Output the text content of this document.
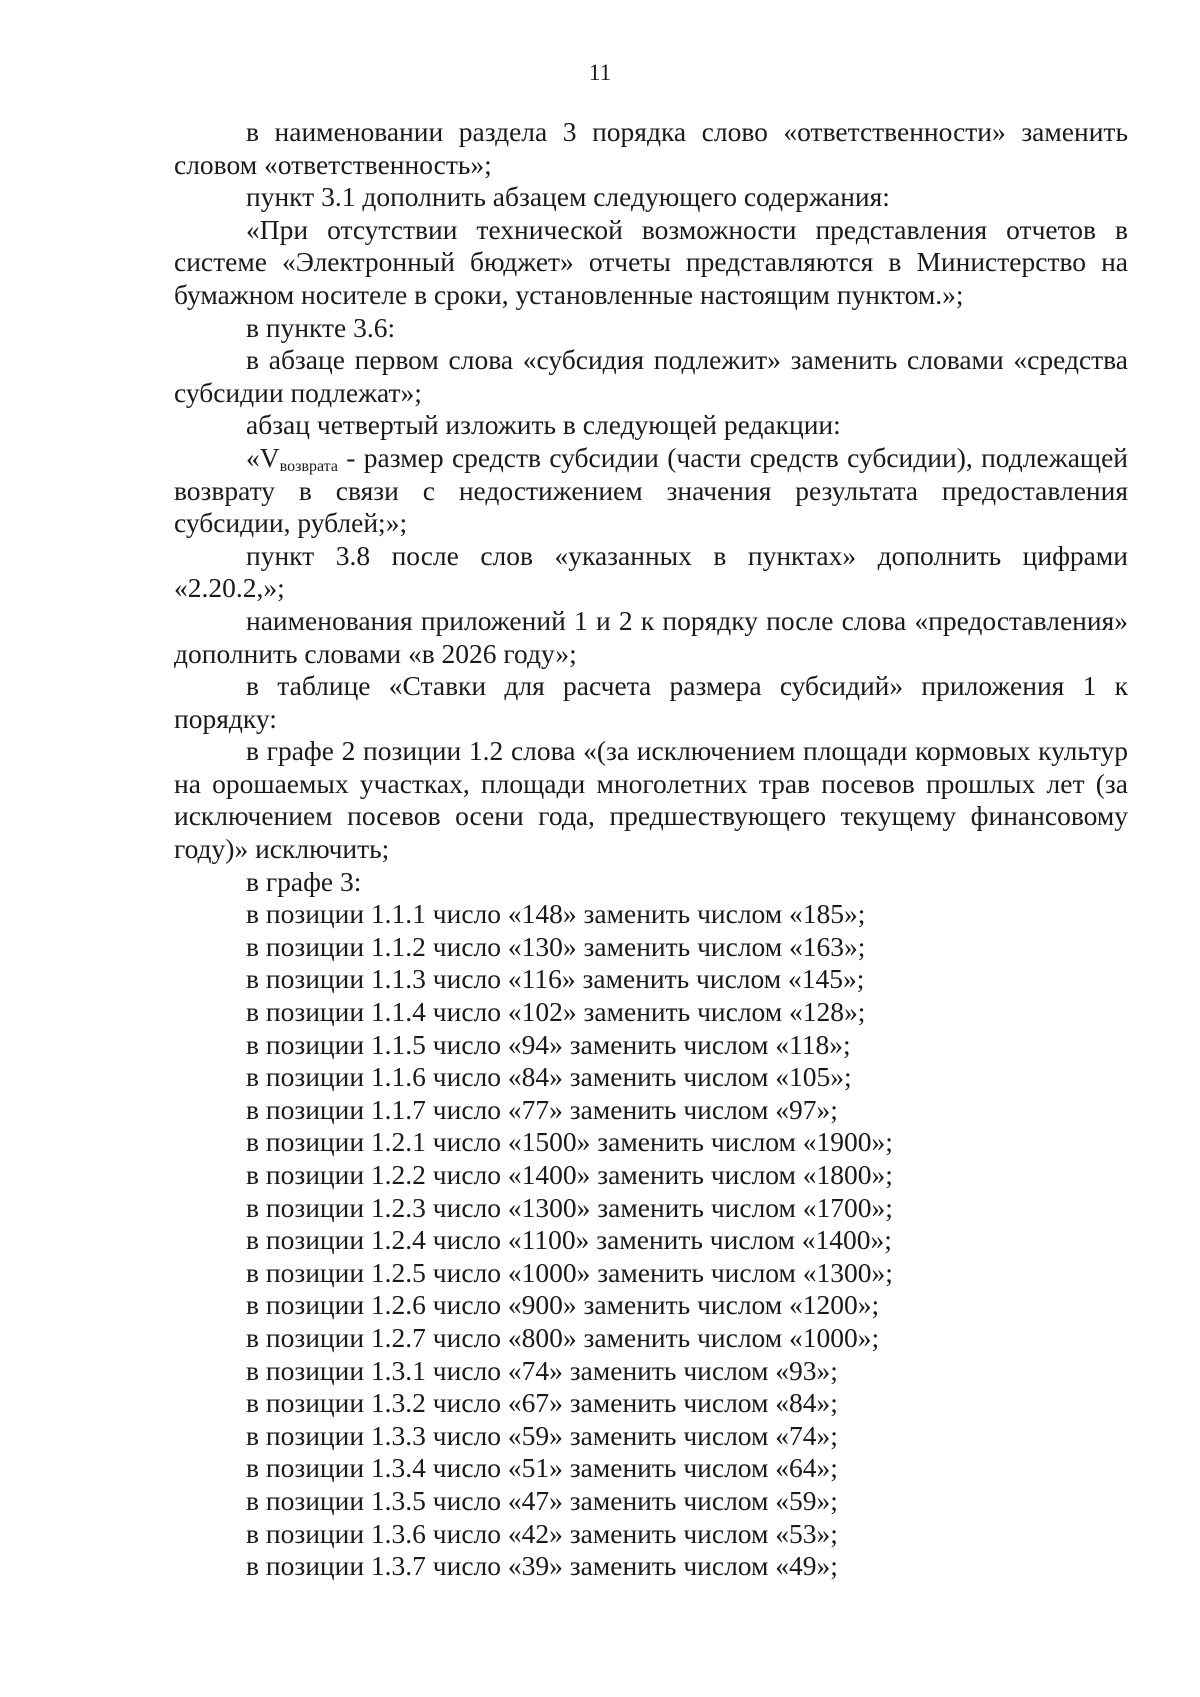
11

в наименовании раздела 3 порядка слово «ответственности» заменить словом «ответственность»;

пункт 3.1 дополнить абзацем следующего содержания:

«При отсутствии технической возможности представления отчетов в системе «Электронный бюджет» отчеты представляются в Министерство на бумажном носителе в сроки, установленные настоящим пунктом.»;

в пункте 3.6:

в абзаце первом слова «субсидия подлежит» заменить словами «средства субсидии подлежат»;

абзац четвертый изложить в следующей редакции:

«$V_{возврата}$ - размер средств субсидии (части средств субсидии), подлежащей возврату в связи с недостижением значения результата предоставления субсидии, рублей;»;

пункт 3.8 после слов «указанных в пунктах» дополнить цифрами «2.20.2,»;

наименования приложений 1 и 2 к порядку после слова «предоставления» дополнить словами «в 2026 году»;

в таблице «Ставки для расчета размера субсидий» приложения 1 к порядку:

в графе 2 позиции 1.2 слова «(за исключением площади кормовых культур на орошаемых участках, площади многолетних трав посевов прошлых лет (за исключением посевов осени года, предшествующего текущему финансовому году)» исключить;

в графе 3:

в позиции 1.1.1 число «148» заменить числом «185»;

в позиции 1.1.2 число «130» заменить числом «163»;

в позиции 1.1.3 число «116» заменить числом «145»;

в позиции 1.1.4 число «102» заменить числом «128»;

в позиции 1.1.5 число «94» заменить числом «118»;

в позиции 1.1.6 число «84» заменить числом «105»;

в позиции 1.1.7 число «77» заменить числом «97»;

в позиции 1.2.1 число «1500» заменить числом «1900»;

в позиции 1.2.2 число «1400» заменить числом «1800»;

в позиции 1.2.3 число «1300» заменить числом «1700»;

в позиции 1.2.4 число «1100» заменить числом «1400»;

в позиции 1.2.5 число «1000» заменить числом «1300»;

в позиции 1.2.6 число «900» заменить числом «1200»;

в позиции 1.2.7 число «800» заменить числом «1000»;

в позиции 1.3.1 число «74» заменить числом «93»;

в позиции 1.3.2 число «67» заменить числом «84»;

в позиции 1.3.3 число «59» заменить числом «74»;

в позиции 1.3.4 число «51» заменить числом «64»;

в позиции 1.3.5 число «47» заменить числом «59»;

в позиции 1.3.6 число «42» заменить числом «53»;

в позиции 1.3.7 число «39» заменить числом «49»;
